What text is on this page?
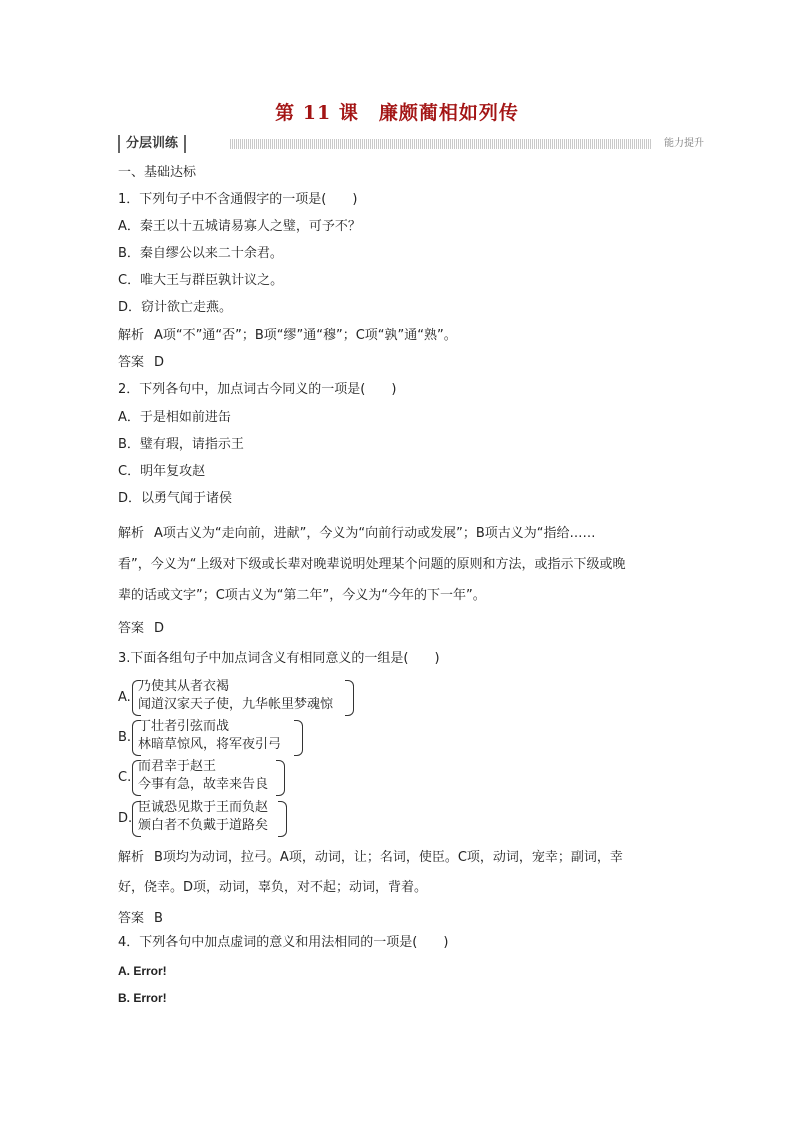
第 11 课　廉颇蔺相如列传
分层训练	能力提升
一、基础达标
1．下列句子中不含通假字的一项是(　　)
A．秦王以十五城请易寡人之璧，可予不？
B．秦自缪公以来二十余君。
C．唯大王与群臣孰计议之。
D．窃计欲亡走燕。
解析 A项“不”通“否”；B项“缪”通“穆”；C项“孰”通“熟”。
答案 D
2．下列各句中，加点词古今同义的一项是(　　)
A．于是相如前进缶
B．璧有瑕，请指示王
C．明年复攻赵
D．以勇气闻于诸侯
解析 A项古义为“走向前，进献”，今义为“向前行动或发展”；B项古义为“指给……
看”，今义为“上级对下级或长辈对晚辈说明处理某个问题的原则和方法，或指示下级或晚
辈的话或文字”；C项古义为“第二年”，今义为“今年的下一年”。
答案 D
3.下面各组句子中加点词含义有相同意义的一组是(　　)
A.
乃使其从者衣褐
闻道汉家天子使，九华帐里梦魂惊
B.
丁壮者引弦而战
林暗草惊风，将军夜引弓
C.
而君幸于赵王
今事有急，故幸来告良
D.
臣诚恐见欺于王而负赵
颁白者不负戴于道路矣
解析 B项均为动词，拉弓。A项，动词，让；名词，使臣。C项，动词，宠幸；副词，幸
好，侥幸。D项，动词，辜负，对不起；动词，背着。
答案 B
4．下列各句中加点虚词的意义和用法相同的一项是(　　)
A. Error!
B. Error!
